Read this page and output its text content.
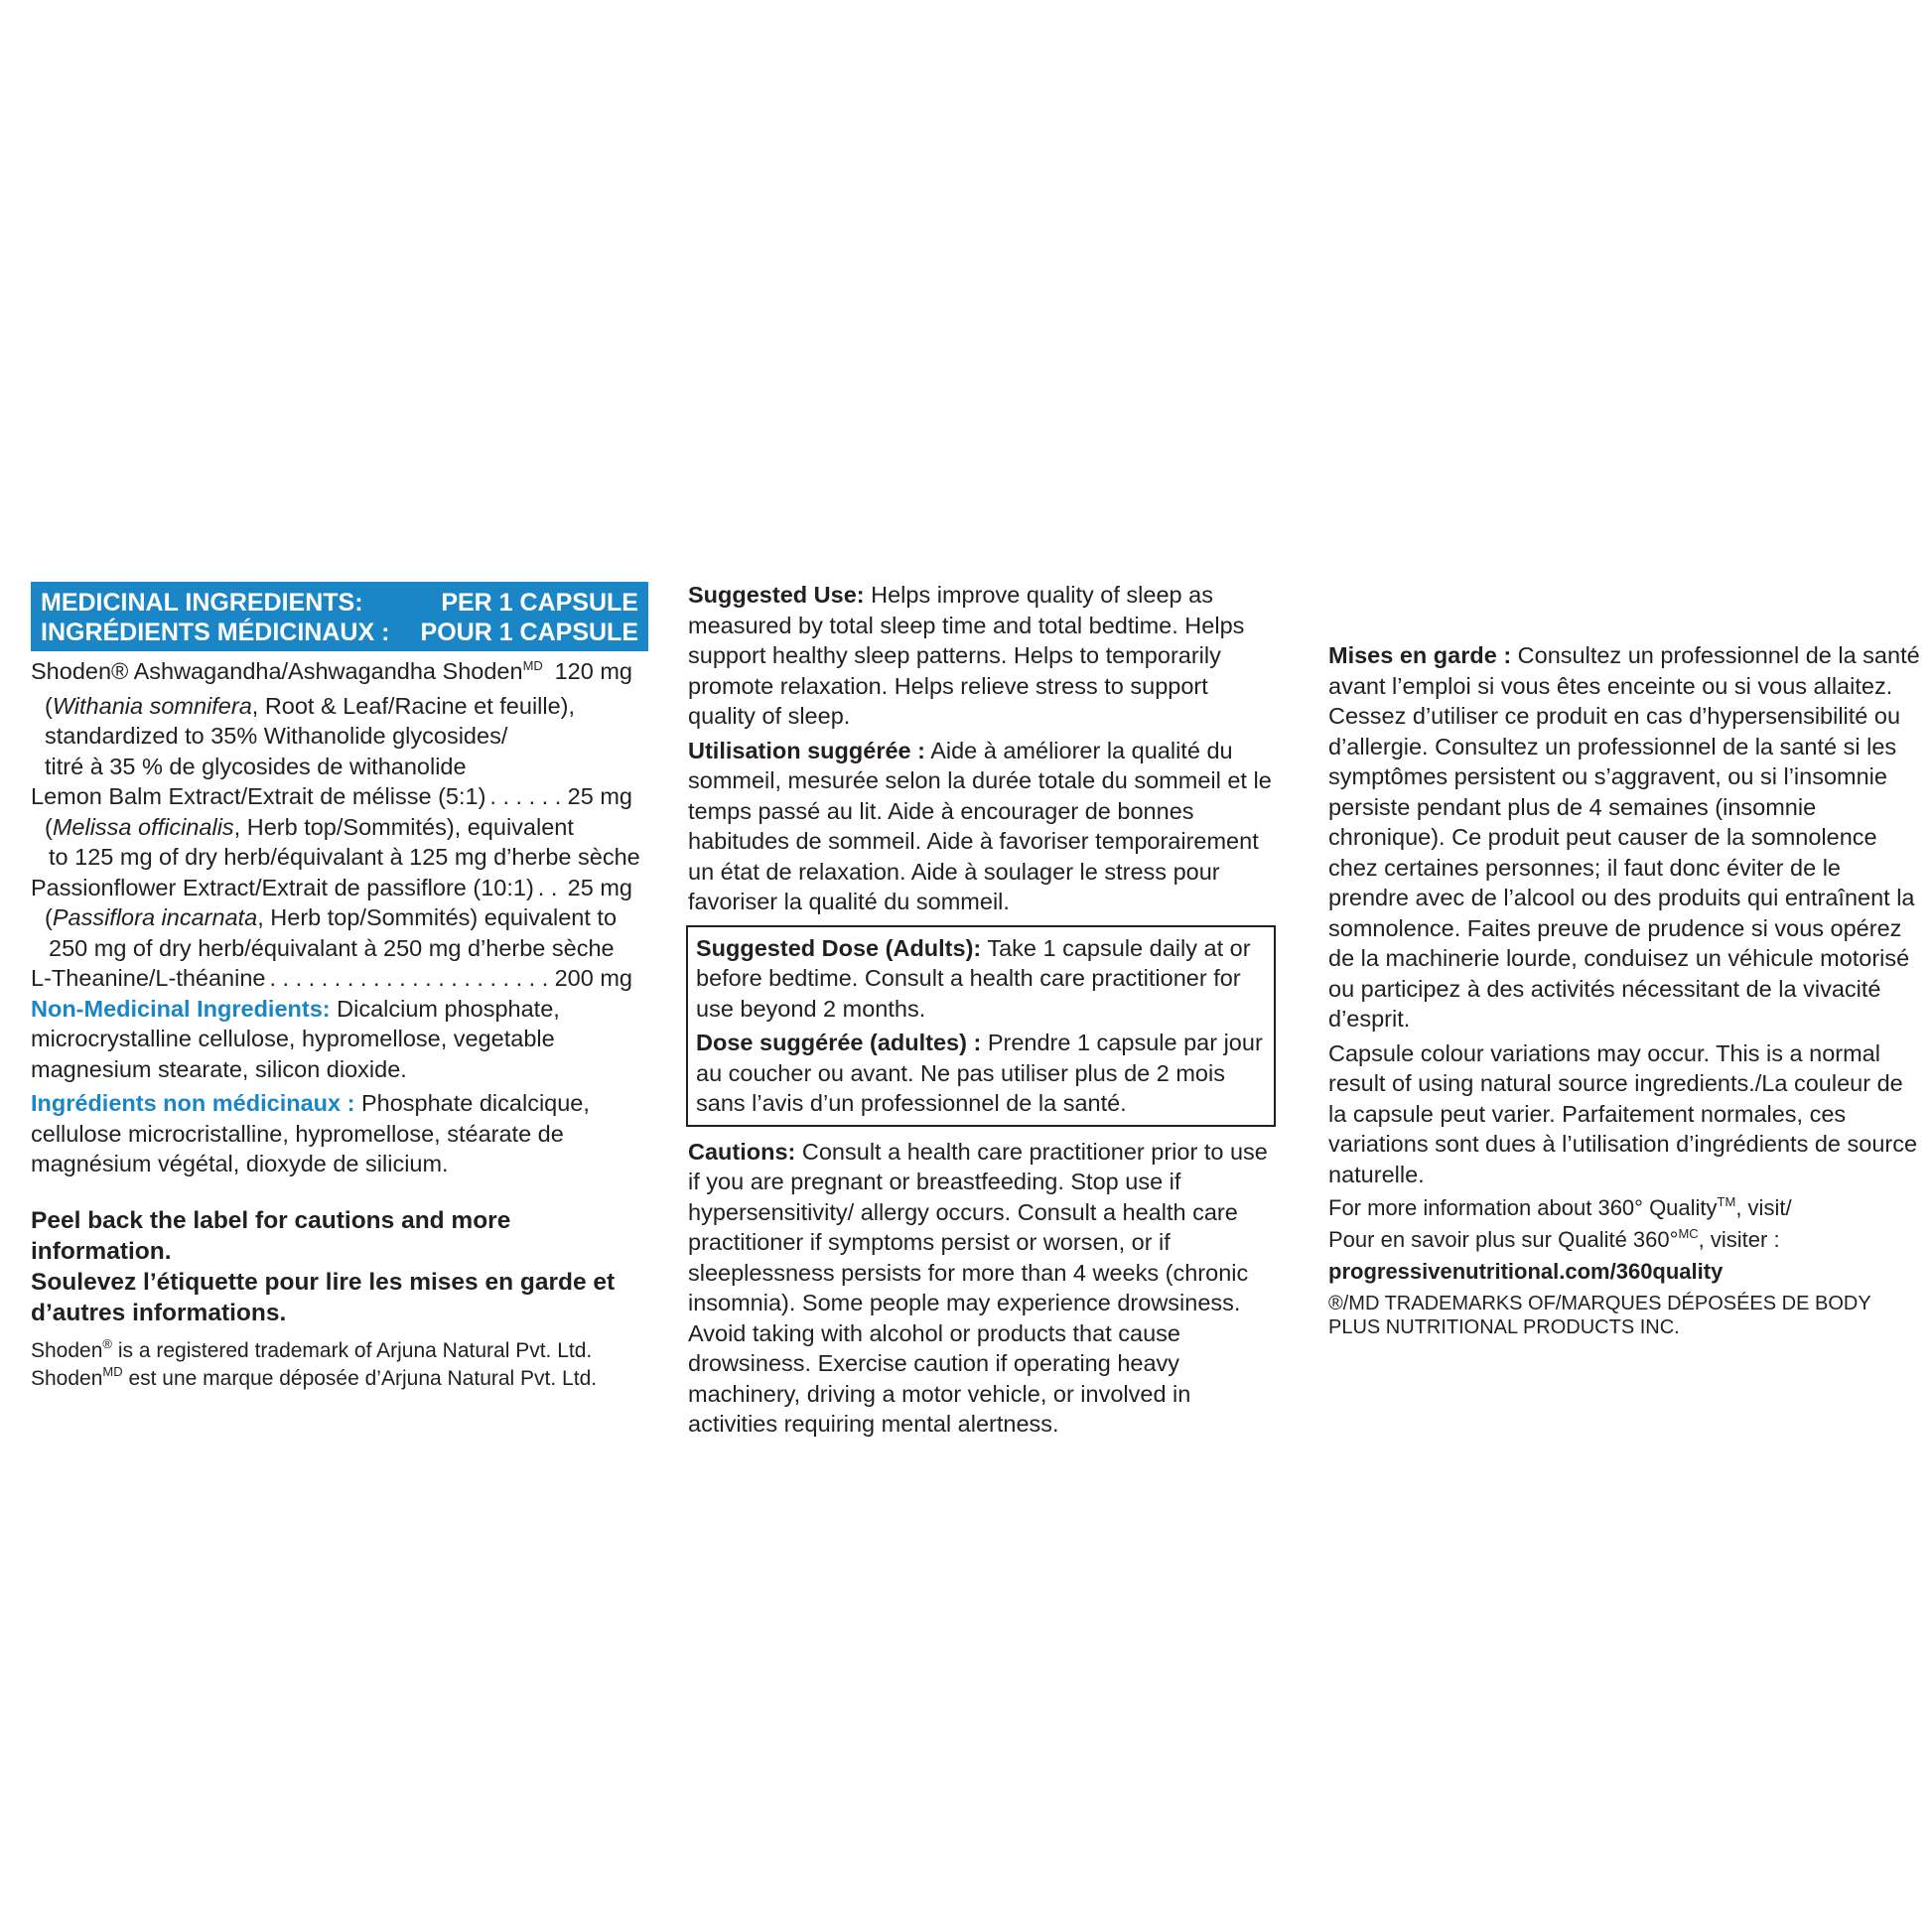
MEDICINAL INGREDIENTS:	PER 1 CAPSULE
INGRÉDIENTS MÉDICINAUX : POUR 1 CAPSULE
Shoden® Ashwagandha/Ashwagandha Shoden$^{MD}$ . . . 120 mg
(Withania somnifera, Root & Leaf/Racine et feuille),
standardized to 35% Withanolide glycosides/
titré à 35 % de glycosides de withanolide
Lemon Balm Extract/Extrait de mélisse (5:1) . . .	25 mg
(Melissa officinalis, Herb top/Sommités), equivalent
to 125 mg of dry herb/équivalant à 125 mg d’herbe sèche
Passionflower Extract/Extrait de passiflore (10:1) . . . 25 mg
(Passiflora incarnata, Herb top/Sommités) equivalent to
250 mg of dry herb/équivalant à 250 mg d’herbe sèche
L-Theanine/L-théanine . . .	200 mg
Non-Medicinal Ingredients: Dicalcium phosphate, microcrystalline cellulose, hypromellose, vegetable magnesium stearate, silicon dioxide.
Ingrédients non médicinaux : Phosphate dicalcique, cellulose microcristalline, hypromellose, stéarate de magnésium végétal, dioxyde de silicium.
Peel back the label for cautions and more information.
Soulevez l’étiquette pour lire les mises en garde et
d’autres informations.
Shoden® is a registered trademark of Arjuna Natural Pvt. Ltd.
Shoden$^{MD}$ est une marque déposée d’Arjuna Natural Pvt. Ltd.
Suggested Use: Helps improve quality of sleep as measured by total sleep time and total bedtime. Helps support healthy sleep patterns. Helps to temporarily promote relaxation. Helps relieve stress to support quality of sleep.
Utilisation suggérée : Aide à améliorer la qualité du sommeil, mesurée selon la durée totale du sommeil et le temps passé au lit. Aide à encourager de bonnes habitudes de sommeil. Aide à favoriser temporairement un état de relaxation. Aide à soulager le stress pour favoriser la qualité du sommeil.
Suggested Dose (Adults): Take 1 capsule daily at or before bedtime. Consult a health care practitioner for use beyond 2 months.
Dose suggérée (adultes) : Prendre 1 capsule par jour au coucher ou avant. Ne pas utiliser plus de 2 mois sans l’avis d’un professionnel de la santé.
Cautions: Consult a health care practitioner prior to use if you are pregnant or breastfeeding. Stop use if hypersensitivity/ allergy occurs. Consult a health care practitioner if symptoms persist or worsen, or if sleeplessness persists for more than 4 weeks (chronic insomnia). Some people may experience drowsiness. Avoid taking with alcohol or products that cause drowsiness. Exercise caution if operating heavy machinery, driving a motor vehicle, or involved in activities requiring mental alertness.
Mises en garde : Consultez un professionnel de la santé avant l’emploi si vous êtes enceinte ou si vous allaitez. Cessez d’utiliser ce produit en cas d’hypersensibilité ou d’allergie. Consultez un professionnel de la santé si les symptômes persistent ou s’aggravent, ou si l’insomnie persiste pendant plus de 4 semaines (insomnie chronique). Ce produit peut causer de la somnolence chez certaines personnes; il faut donc éviter de le prendre avec de l’alcool ou des produits qui entraînent la somnolence. Faites preuve de prudence si vous opérez de la machinerie lourde, conduisez un véhicule motorisé ou participez à des activités nécessitant de la vivacité d’esprit.
Capsule colour variations may occur. This is a normal result of using natural source ingredients./La couleur de la capsule peut varier. Parfaitement normales, ces variations sont dues à l’utilisation d’ingrédients de source naturelle.
For more information about 360° Quality™, visit/
Pour en savoir plus sur Qualité 360°$^{MC}$, visiter :
progressivenutritional.com/360quality
®/MD TRADEMARKS OF/MARQUES DÉPOSÉES DE BODY PLUS NUTRITIONAL PRODUCTS INC.
